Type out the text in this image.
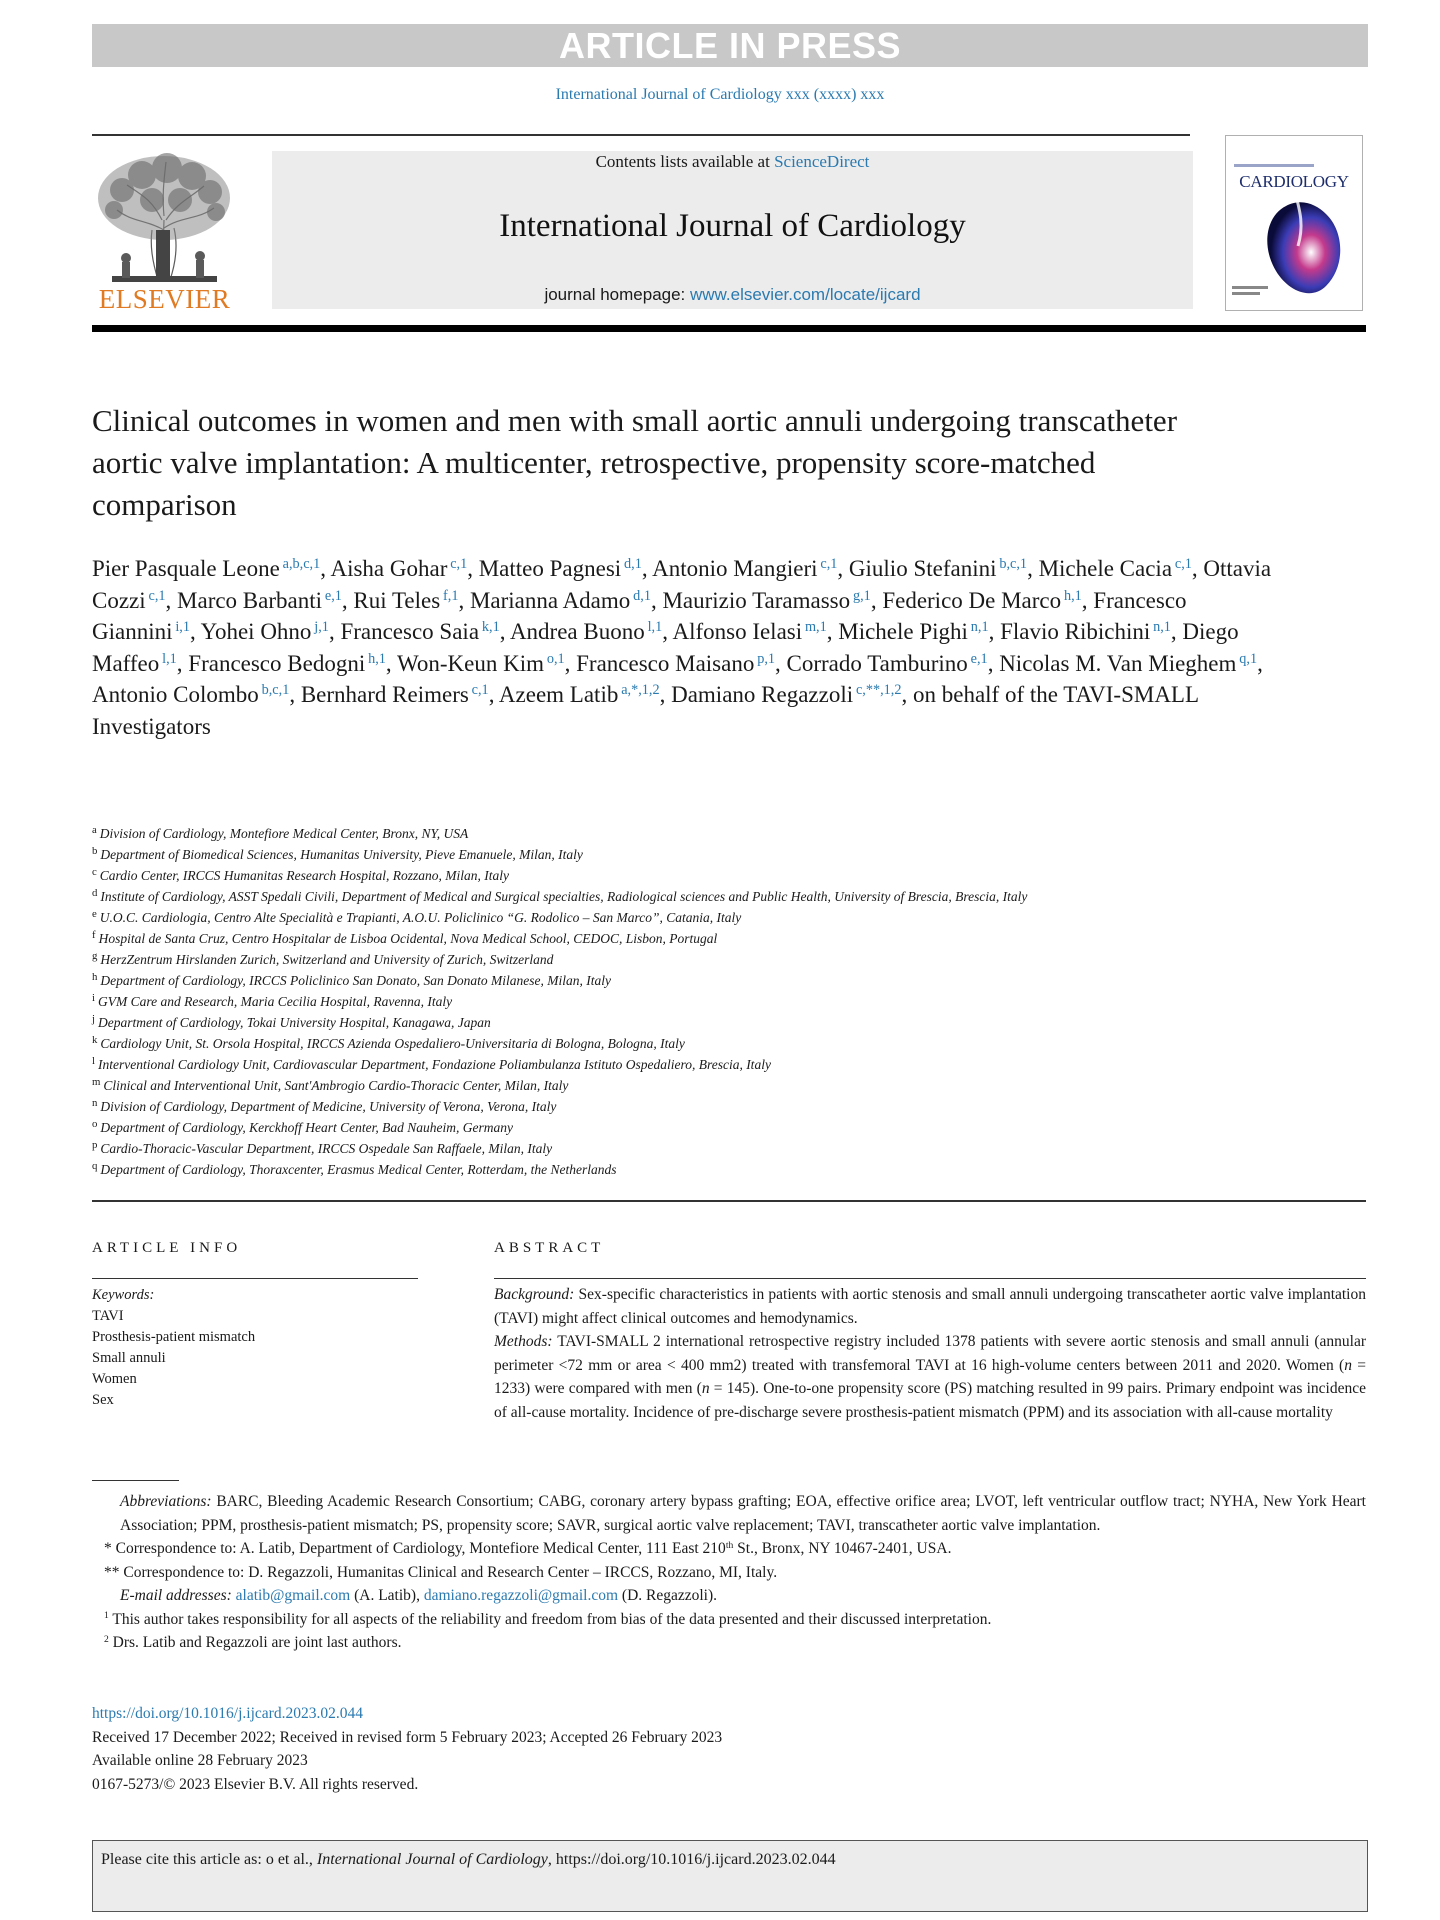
ARTICLE IN PRESS
International Journal of Cardiology xxx (xxxx) xxx
ELSEVIER
Contents lists available at ScienceDirect
International Journal of Cardiology
journal homepage: www.elsevier.com/locate/ijcard
CARDIOLOGY
Clinical outcomes in women and men with small aortic annuli undergoing transcatheter aortic valve implantation: A multicenter, retrospective, propensity score-matched comparison
Pier Pasquale Leone $^{a,b,c,1}$, Aisha Gohar $^{c,1}$, Matteo Pagnesi $^{d,1}$, Antonio Mangieri $^{c,1}$, Giulio Stefanini $^{b,c,1}$, Michele Cacia $^{c,1}$, Ottavia Cozzi $^{c,1}$, Marco Barbanti $^{e,1}$, Rui Teles $^{f,1}$, Marianna Adamo $^{d,1}$, Maurizio Taramasso $^{g,1}$, Federico De Marco $^{h,1}$, Francesco Giannini $^{i,1}$, Yohei Ohno $^{j,1}$, Francesco Saia $^{k,1}$, Andrea Buono $^{l,1}$, Alfonso Ielasi $^{m,1}$, Michele Pighi $^{n,1}$, Flavio Ribichini $^{n,1}$, Diego Maffeo $^{l,1}$, Francesco Bedogni $^{h,1}$, Won-Keun Kim $^{o,1}$, Francesco Maisano $^{p,1}$, Corrado Tamburino $^{e,1}$, Nicolas M. Van Mieghem $^{q,1}$, Antonio Colombo $^{b,c,1}$, Bernhard Reimers $^{c,1}$, Azeem Latib $^{a,*,1,2}$, Damiano Regazzoli $^{c,**,1,2}$, on behalf of the TAVI-SMALL Investigators
$^a$ Division of Cardiology, Montefiore Medical Center, Bronx, NY, USA
$^b$ Department of Biomedical Sciences, Humanitas University, Pieve Emanuele, Milan, Italy
$^c$ Cardio Center, IRCCS Humanitas Research Hospital, Rozzano, Milan, Italy
$^d$ Institute of Cardiology, ASST Spedali Civili, Department of Medical and Surgical specialties, Radiological sciences and Public Health, University of Brescia, Brescia, Italy
$^e$ U.O.C. Cardiologia, Centro Alte Specialità e Trapianti, A.O.U. Policlinico “G. Rodolico – San Marco”, Catania, Italy
$^f$ Hospital de Santa Cruz, Centro Hospitalar de Lisboa Ocidental, Nova Medical School, CEDOC, Lisbon, Portugal
$^g$ HerzZentrum Hirslanden Zurich, Switzerland and University of Zurich, Switzerland
$^h$ Department of Cardiology, IRCCS Policlinico San Donato, San Donato Milanese, Milan, Italy
$^i$ GVM Care and Research, Maria Cecilia Hospital, Ravenna, Italy
$^j$ Department of Cardiology, Tokai University Hospital, Kanagawa, Japan
$^k$ Cardiology Unit, St. Orsola Hospital, IRCCS Azienda Ospedaliero-Universitaria di Bologna, Bologna, Italy
$^l$ Interventional Cardiology Unit, Cardiovascular Department, Fondazione Poliambulanza Istituto Ospedaliero, Brescia, Italy
$^m$ Clinical and Interventional Unit, Sant'Ambrogio Cardio-Thoracic Center, Milan, Italy
$^n$ Division of Cardiology, Department of Medicine, University of Verona, Verona, Italy
$^o$ Department of Cardiology, Kerckhoff Heart Center, Bad Nauheim, Germany
$^p$ Cardio-Thoracic-Vascular Department, IRCCS Ospedale San Raffaele, Milan, Italy
$^q$ Department of Cardiology, Thoraxcenter, Erasmus Medical Center, Rotterdam, the Netherlands
ARTICLE INFO
Keywords:
TAVI
Prosthesis-patient mismatch
Small annuli
Women
Sex
ABSTRACT

Background: Sex-specific characteristics in patients with aortic stenosis and small annuli undergoing transcatheter aortic valve implantation (TAVI) might affect clinical outcomes and hemodynamics.

Methods: TAVI-SMALL 2 international retrospective registry included 1378 patients with severe aortic stenosis and small annuli (annular perimeter <72 mm or area < 400 mm2) treated with transfemoral TAVI at 16 high-volume centers between 2011 and 2020. Women (n = 1233) were compared with men (n = 145). One-to-one propensity score (PS) matching resulted in 99 pairs. Primary endpoint was incidence of all-cause mortality. Incidence of pre-discharge severe prosthesis-patient mismatch (PPM) and its association with all-cause mortality

Abbreviations: BARC, Bleeding Academic Research Consortium; CABG, coronary artery bypass grafting; EOA, effective orifice area; LVOT, left ventricular outflow tract; NYHA, New York Heart Association; PPM, prosthesis-patient mismatch; PS, propensity score; SAVR, surgical aortic valve replacement; TAVI, transcatheter aortic valve implantation.

* Correspondence to: A. Latib, Department of Cardiology, Montefiore Medical Center, 111 East 210th St., Bronx, NY 10467-2401, USA.

** Correspondence to: D. Regazzoli, Humanitas Clinical and Research Center – IRCCS, Rozzano, MI, Italy.

E-mail addresses: alatib@gmail.com (A. Latib), damiano.regazzoli@gmail.com (D. Regazzoli).

$^1$ This author takes responsibility for all aspects of the reliability and freedom from bias of the data presented and their discussed interpretation.

$^2$ Drs. Latib and Regazzoli are joint last authors.

https://doi.org/10.1016/j.ijcard.2023.02.044
Received 17 December 2022; Received in revised form 5 February 2023; Accepted 26 February 2023
Available online 28 February 2023
0167-5273/© 2023 Elsevier B.V. All rights reserved.
Please cite this article as: o et al., International Journal of Cardiology, https://doi.org/10.1016/j.ijcard.2023.02.044
